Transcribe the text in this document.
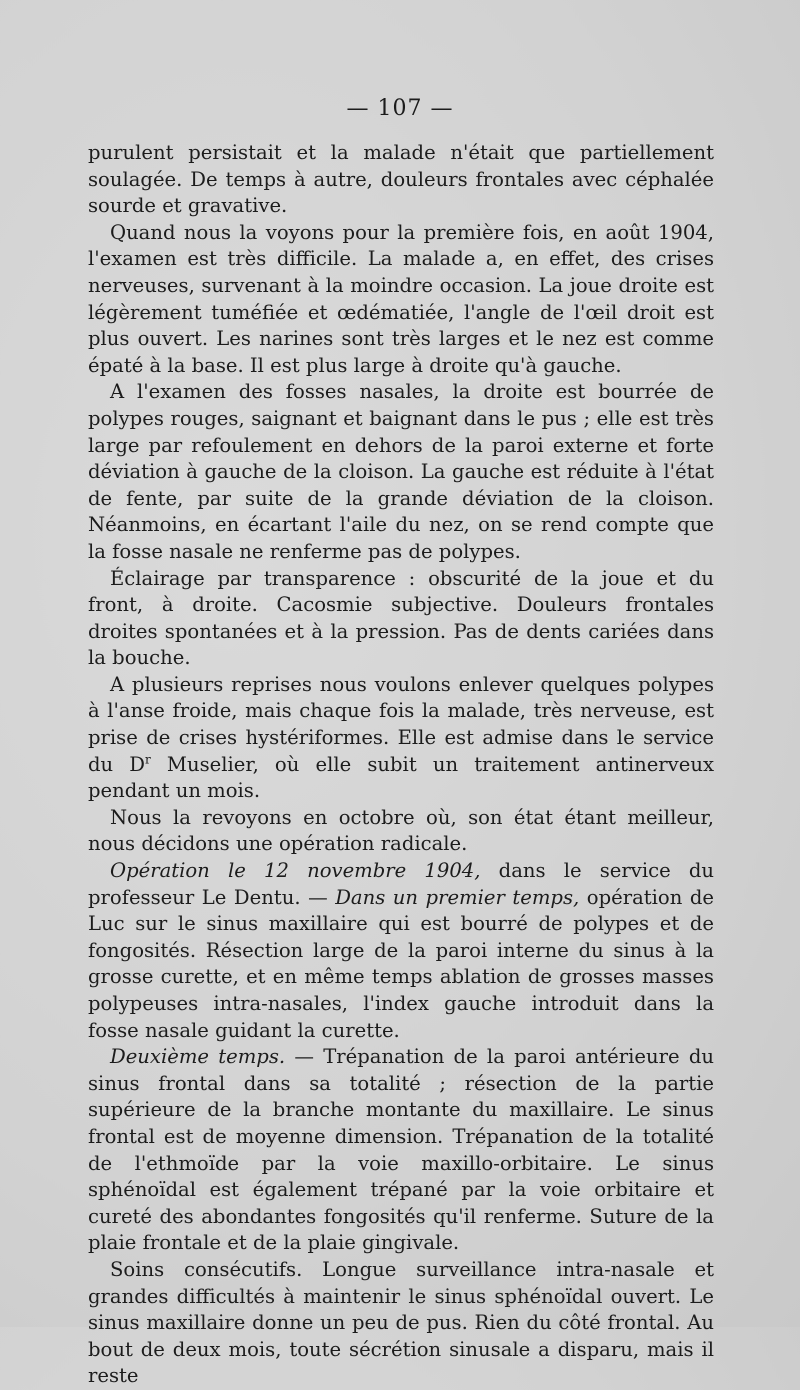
— 107 —

purulent persistait et la malade n'était que partiellement soulagée. De temps à autre, douleurs frontales avec céphalée sourde et gravative.

Quand nous la voyons pour la première fois, en août 1904, l'examen est très difficile. La malade a, en effet, des crises nerveuses, survenant à la moindre occasion. La joue droite est légèrement tuméfiée et œdématiée, l'angle de l'œil droit est plus ouvert. Les narines sont très larges et le nez est comme épaté à la base. Il est plus large à droite qu'à gauche.

A l'examen des fosses nasales, la droite est bourrée de polypes rouges, saignant et baignant dans le pus ; elle est très large par refoulement en dehors de la paroi externe et forte déviation à gauche de la cloison. La gauche est réduite à l'état de fente, par suite de la grande déviation de la cloison. Néanmoins, en écartant l'aile du nez, on se rend compte que la fosse nasale ne renferme pas de polypes.

Éclairage par transparence : obscurité de la joue et du front, à droite. Cacosmie subjective. Douleurs frontales droites spontanées et à la pression. Pas de dents cariées dans la bouche.

A plusieurs reprises nous voulons enlever quelques polypes à l'anse froide, mais chaque fois la malade, très nerveuse, est prise de crises hystériformes. Elle est admise dans le service du $D^r$ Muselier, où elle subit un traitement antinerveux pendant un mois.

Nous la revoyons en octobre où, son état étant meilleur, nous décidons une opération radicale.

Opération le 12 novembre 1904, dans le service du professeur Le Dentu. — Dans un premier temps, opération de Luc sur le sinus maxillaire qui est bourré de polypes et de fongosités. Résection large de la paroi interne du sinus à la grosse curette, et en même temps ablation de grosses masses polypeuses intra-nasales, l'index gauche introduit dans la fosse nasale guidant la curette.

Deuxième temps. — Trépanation de la paroi antérieure du sinus frontal dans sa totalité ; résection de la partie supérieure de la branche montante du maxillaire. Le sinus frontal est de moyenne dimension. Trépanation de la totalité de l'ethmoïde par la voie maxillo-orbitaire. Le sinus sphénoïdal est également trépané par la voie orbitaire et cureté des abondantes fongosités qu'il renferme. Suture de la plaie frontale et de la plaie gingivale.

Soins consécutifs. Longue surveillance intra-nasale et grandes difficultés à maintenir le sinus sphénoïdal ouvert. Le sinus maxillaire donne un peu de pus. Rien du côté frontal. Au bout de deux mois, toute sécrétion sinusale a disparu, mais il reste
